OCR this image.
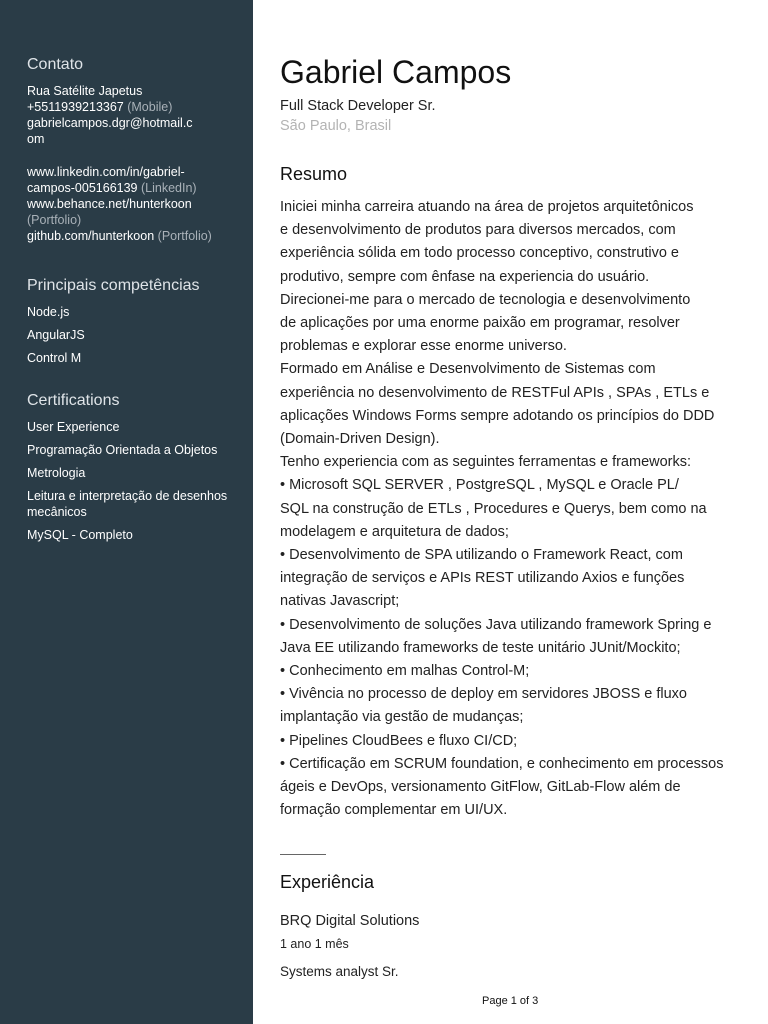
Contato

Rua Satélite Japetus

+5511939213367 (Mobile)

gabrielcampos.dgr@hotmail.c
om

www.linkedin.com/in/gabriel-
campos-005166139 (LinkedIn)

www.behance.net/hunterkoon
(Portfolio)

github.com/hunterkoon (Portfolio)

Principais competências

Node.js

AngularJS

Control M

Certifications

User Experience

Programação Orientada a Objetos

Metrologia

Leitura e interpretação de desenhos mecânicos

MySQL - Completo

Gabriel Campos

Full Stack Developer Sr.

São Paulo, Brasil

Resumo

Iniciei minha carreira atuando na área de projetos arquitetônicos

e desenvolvimento de produtos para diversos mercados, com

experiência sólida em todo processo conceptivo, construtivo e

produtivo, sempre com ênfase na experiencia do usuário.

Direcionei-me para o mercado de tecnologia e desenvolvimento

de aplicações por uma enorme paixão em programar, resolver

problemas e explorar esse enorme universo.

Formado em Análise e Desenvolvimento de Sistemas com

experiência no desenvolvimento de RESTFul APIs , SPAs , ETLs e

aplicações Windows Forms sempre adotando os princípios do DDD

(Domain-Driven Design).

Tenho experiencia com as seguintes ferramentas e frameworks:

• Microsoft SQL SERVER , PostgreSQL , MySQL e Oracle PL/

SQL na construção de ETLs , Procedures e Querys, bem como na

modelagem e arquitetura de dados;

• Desenvolvimento de SPA utilizando o Framework React, com

integração de serviços e APIs REST utilizando Axios e funções

nativas Javascript;

• Desenvolvimento de soluções Java utilizando framework Spring e

Java EE utilizando frameworks de teste unitário JUnit/Mockito;

• Conhecimento em malhas Control-M;

• Vivência no processo de deploy em servidores JBOSS e fluxo

implantação via gestão de mudanças;

• Pipelines CloudBees e fluxo CI/CD;

• Certificação em SCRUM foundation, e conhecimento em processos

ágeis e DevOps, versionamento GitFlow, GitLab-Flow além de

formação complementar em UI/UX.

Experiência

BRQ Digital Solutions

1 ano 1 mês

Systems analyst Sr.

Page 1 of 3
